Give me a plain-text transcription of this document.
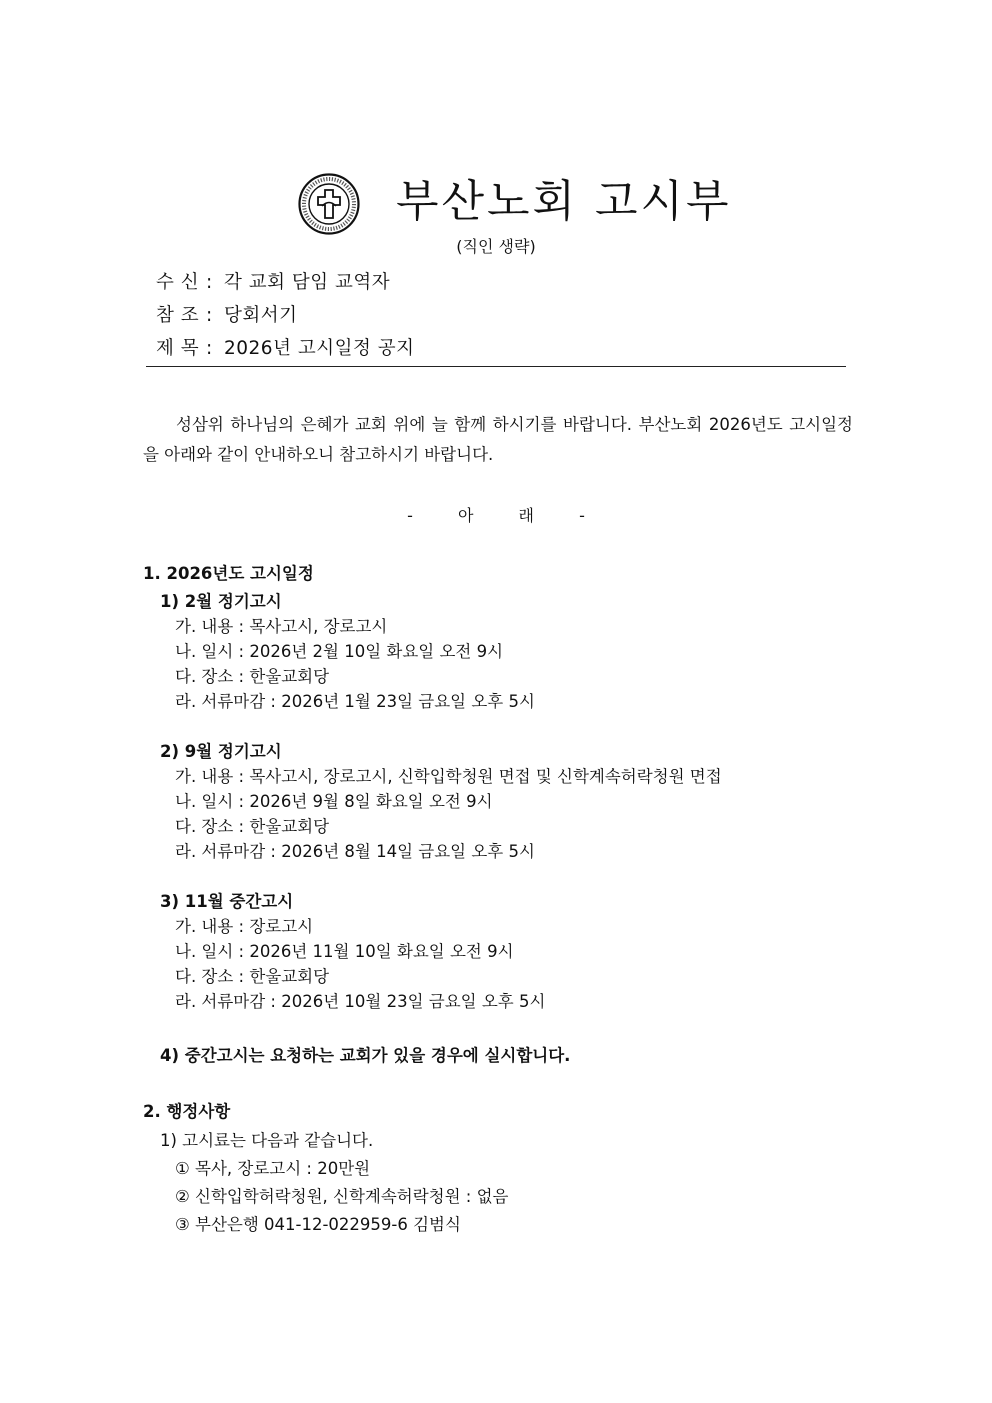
부산노회 고시부
(직인 생략)
수 신 : 각 교회 담임 교역자
참 조 : 당회서기
제 목 : 2026년 고시일정 공지
성삼위 하나님의 은혜가 교회 위에 늘 함께 하시기를 바랍니다. 부산노회 2026년도 고시일정을 아래와 같이 안내하오니 참고하시기 바랍니다.
- 아 래 -
1. 2026년도 고시일정
1) 2월 정기고시
가. 내용 : 목사고시, 장로고시
나. 일시 : 2026년 2월 10일 화요일 오전 9시
다. 장소 : 한울교회당
라. 서류마감 : 2026년 1월 23일 금요일 오후 5시
2) 9월 정기고시
가. 내용 : 목사고시, 장로고시, 신학입학청원 면접 및 신학계속허락청원 면접
나. 일시 : 2026년 9월 8일 화요일 오전 9시
다. 장소 : 한울교회당
라. 서류마감 : 2026년 8월 14일 금요일 오후 5시
3) 11월 중간고시
가. 내용 : 장로고시
나. 일시 : 2026년 11월 10일 화요일 오전 9시
다. 장소 : 한울교회당
라. 서류마감 : 2026년 10월 23일 금요일 오후 5시
4) 중간고시는 요청하는 교회가 있을 경우에 실시합니다.
2. 행정사항
1) 고시료는 다음과 같습니다.
① 목사, 장로고시 : 20만원
② 신학입학허락청원, 신학계속허락청원 : 없음
③ 부산은행 041-12-022959-6 김범식
